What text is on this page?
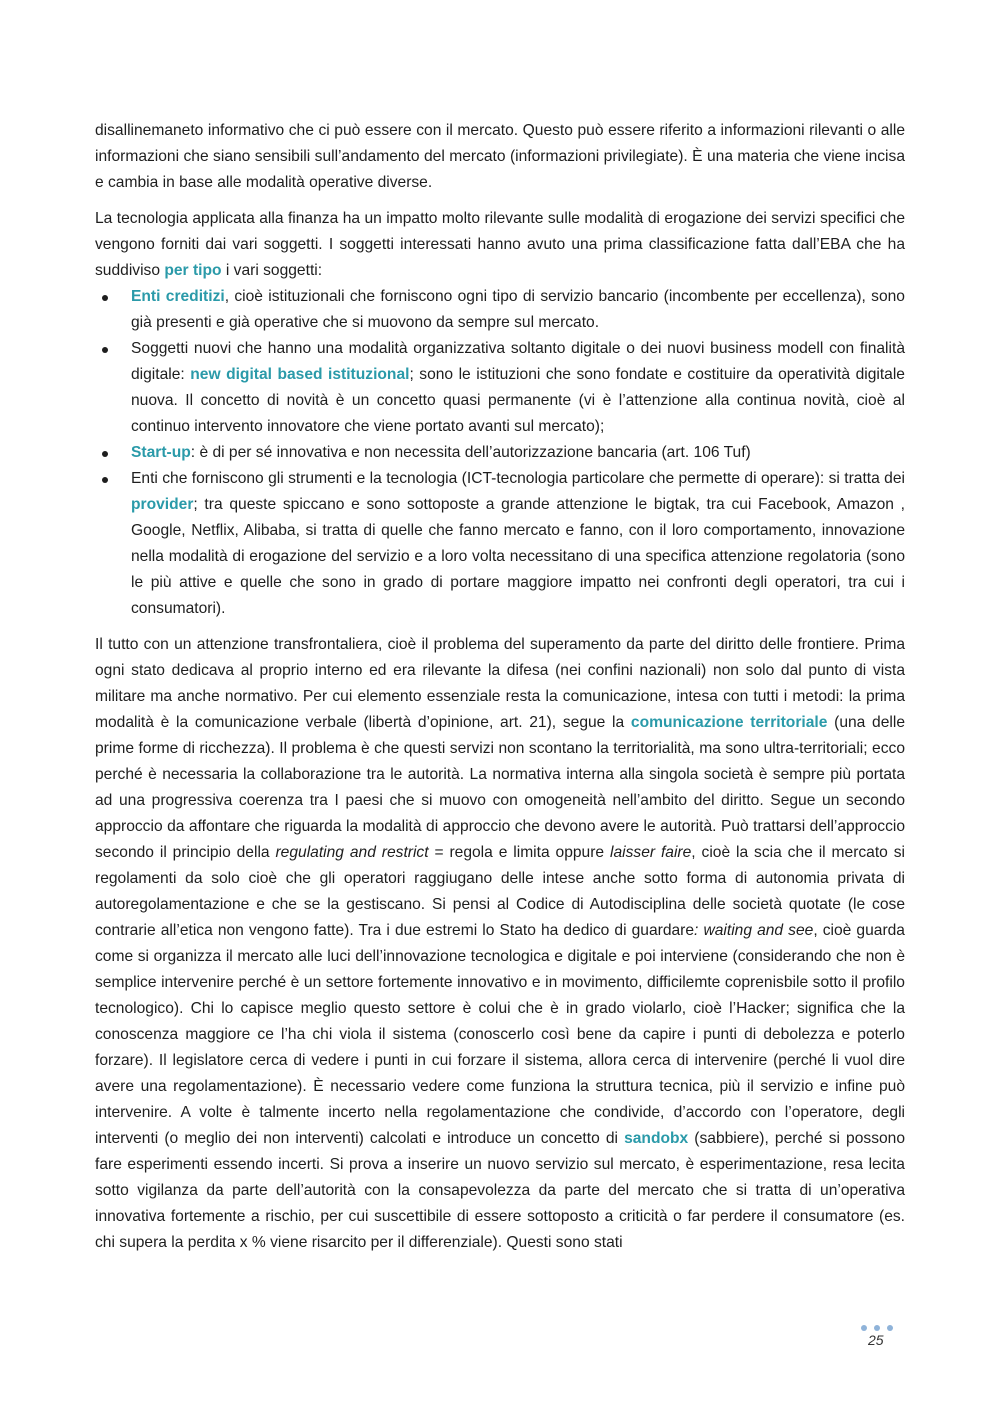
disallinemaneto informativo che ci può essere con il mercato. Questo può essere riferito a informazioni rilevanti o alle informazioni che siano sensibili sull’andamento del mercato (informazioni privilegiate). È una materia che viene incisa e cambia in base alle modalità operative diverse.

La tecnologia applicata alla finanza ha un impatto molto rilevante sulle modalità di erogazione dei servizi specifici che vengono forniti dai vari soggetti. I soggetti interessati hanno avuto una prima classificazione fatta dall’EBA che ha suddiviso per tipo i vari soggetti:

Enti creditizi, cioè istituzionali che forniscono ogni tipo di servizio bancario (incombente per eccellenza), sono già presenti e già operative che si muovono da sempre sul mercato.
Soggetti nuovi che hanno una modalità organizzativa soltanto digitale o dei nuovi business modell con finalità digitale: new digital based istituzional; sono le istituzioni che sono fondate e costituire da operatività digitale nuova. Il concetto di novità è un concetto quasi permanente (vi è l’attenzione alla continua novità, cioè al continuo intervento innovatore che viene portato avanti sul mercato);
Start-up: è di per sé innovativa e non necessita dell’autorizzazione bancaria (art. 106 Tuf)
Enti che forniscono gli strumenti e la tecnologia (ICT-tecnologia particolare che permette di operare): si tratta dei provider; tra queste spiccano e sono sottoposte a grande attenzione le bigtak, tra cui Facebook, Amazon , Google, Netflix, Alibaba, si tratta di quelle che fanno mercato e fanno, con il loro comportamento, innovazione nella modalità di erogazione del servizio e a loro volta necessitano di una specifica attenzione regolatoria (sono le più attive e quelle che sono in grado di portare maggiore impatto nei confronti degli operatori, tra cui i consumatori).

Il tutto con un attenzione transfrontaliera, cioè il problema del superamento da parte del diritto delle frontiere. Prima ogni stato dedicava al proprio interno ed era rilevante la difesa (nei confini nazionali) non solo dal punto di vista militare ma anche normativo. Per cui elemento essenziale resta la comunicazione, intesa con tutti i metodi: la prima modalità è la comunicazione verbale (libertà d’opinione, art. 21), segue la comunicazione territoriale (una delle prime forme di ricchezza). Il problema è che questi servizi non scontano la territorialità, ma sono ultra-territoriali; ecco perché è necessaria la collaborazione tra le autorità. La normativa interna alla singola società è sempre più portata ad una progressiva coerenza tra I paesi che si muovo con omogeneità nell’ambito del diritto. Segue un secondo approccio da affontare che riguarda la modalità di approccio che devono avere le autorità. Può trattarsi dell’approccio secondo il principio della regulating and restrict = regola e limita oppure laisser faire, cioè la scia che il mercato si regolamenti da solo cioè che gli operatori raggiugano delle intese anche sotto forma di autonomia privata di autoregolamentazione e che se la gestiscano. Si pensi al Codice di Autodisciplina delle società quotate (le cose contrarie all’etica non vengono fatte). Tra i due estremi lo Stato ha dedico di guardare: waiting and see, cioè guarda come si organizza il mercato alle luci dell’innovazione tecnologica e digitale e poi interviene (considerando che non è semplice intervenire perché è un settore fortemente innovativo e in movimento, difficilemte coprenisbile sotto il profilo tecnologico). Chi lo capisce meglio questo settore è colui che è in grado violarlo, cioè l’Hacker; significa che la conoscenza maggiore ce l’ha chi viola il sistema (conoscerlo così bene da capire i punti di debolezza e poterlo forzare). Il legislatore cerca di vedere i punti in cui forzare il sistema, allora cerca di intervenire (perché li vuol dire avere una regolamentazione). È necessario vedere come funziona la struttura tecnica, più il servizio e infine può intervenire. A volte è talmente incerto nella regolamentazione che condivide, d’accordo con l’operatore, degli interventi (o meglio dei non interventi) calcolati e introduce un concetto di sandobx (sabbiere), perché si possono fare esperimenti essendo incerti. Si prova a inserire un nuovo servizio sul mercato, è esperimentazione, resa lecita sotto vigilanza da parte dell’autorità con la consapevolezza da parte del mercato che si tratta di un’operativa innovativa fortemente a rischio, per cui suscettibile di essere sottoposto a criticità o far perdere il consumatore (es. chi supera la perdita x % viene risarcito per il differenziale). Questi sono stati

25
